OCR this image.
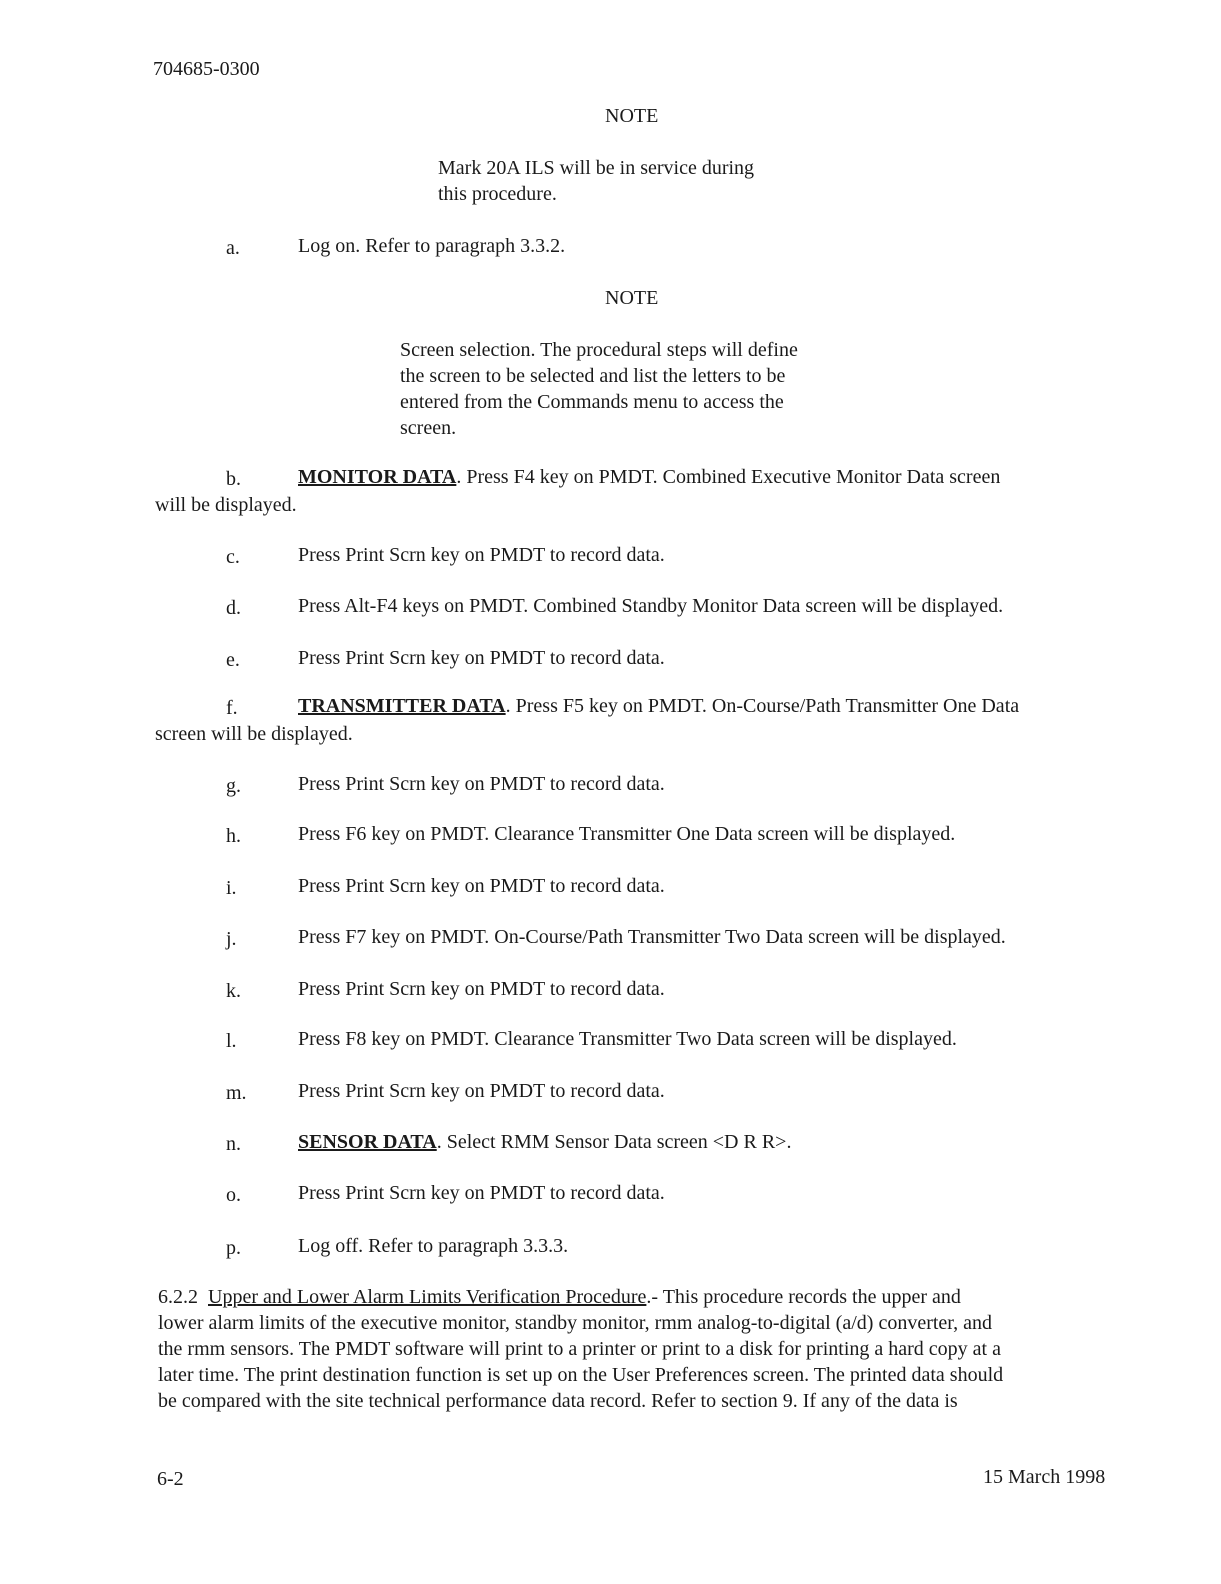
704685-0300
NOTE
Mark 20A ILS will be in service during
this procedure.
a.	Log on. Refer to paragraph 3.3.2.
NOTE
Screen selection. The procedural steps will define
the screen to be selected and list the letters to be
entered from the Commands menu to access the
screen.
b.	MONITOR DATA. Press F4 key on PMDT. Combined Executive Monitor Data screen
will be displayed.
c.	Press Print Scrn key on PMDT to record data.
d.	Press Alt-F4 keys on PMDT. Combined Standby Monitor Data screen will be displayed.
e.	Press Print Scrn key on PMDT to record data.
f.	TRANSMITTER DATA. Press F5 key on PMDT. On-Course/Path Transmitter One Data
screen will be displayed.
g.	Press Print Scrn key on PMDT to record data.
h.	Press F6 key on PMDT. Clearance Transmitter One Data screen will be displayed.
i.	Press Print Scrn key on PMDT to record data.
j.	Press F7 key on PMDT. On-Course/Path Transmitter Two Data screen will be displayed.
k.	Press Print Scrn key on PMDT to record data.
l.	Press F8 key on PMDT. Clearance Transmitter Two Data screen will be displayed.
m.	Press Print Scrn key on PMDT to record data.
n.	SENSOR DATA. Select RMM Sensor Data screen <D R R>.
o.	Press Print Scrn key on PMDT to record data.
p.	Log off. Refer to paragraph 3.3.3.
6.2.2 Upper and Lower Alarm Limits Verification Procedure.- This procedure records the upper and
lower alarm limits of the executive monitor, standby monitor, rmm analog-to-digital (a/d) converter, and
the rmm sensors. The PMDT software will print to a printer or print to a disk for printing a hard copy at a
later time. The print destination function is set up on the User Preferences screen. The printed data should
be compared with the site technical performance data record. Refer to section 9. If any of the data is
6-2	15 March 1998
